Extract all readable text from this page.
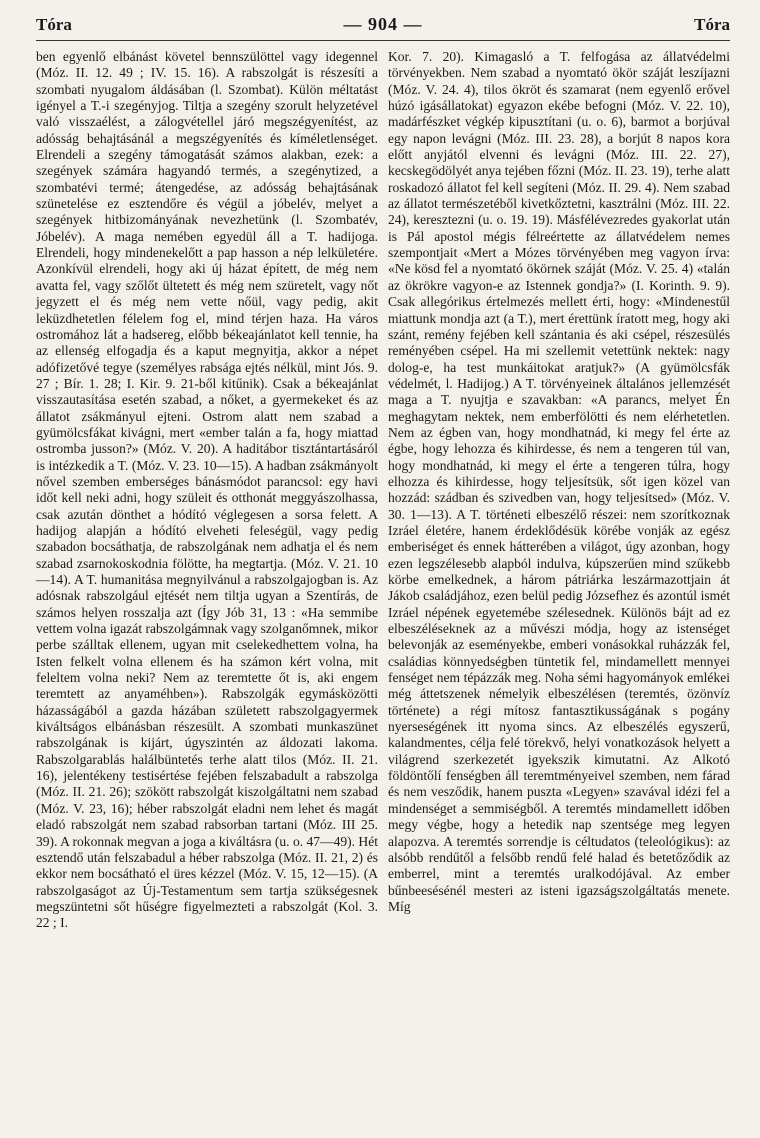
Tóra	— 904 —	Tóra

ben egyenlő elbánást követel bennszülöttel vagy idegennel (Móz. II. 12. 49 ; IV. 15. 16). A rabszolgát is részesíti a szombati nyugalom áldásában (l. Szombat). Külön méltatást igényel a T.-i szegényjog. Tiltja a szegény szorult helyzetével való visszaélést, a zálogvétellel járó megszégyenítést, az adósság behajtásánál a megszégyenítés és kíméletlenséget. Elrendeli a szegény támogatását számos alakban, ezek: a szegények számára hagyandó termés, a szegénytized, a szombatévi termé; átengedése, az adósság behajtásának szünetelése ez esztendőre és végül a jóbelév, melyet a szegények hitbizományának nevezhetünk (l. Szombatév, Jóbelév). A maga nemében egyedül áll a T. hadijoga. Elrendeli, hogy mindenekelőtt a pap hasson a nép lelkületére. Azonkívül elrendeli, hogy aki új házat épített, de még nem avatta fel, vagy szőlőt ültetett és még nem szüretelt, vagy nőt jegyzett el és még nem vette nőül, vagy pedig, akit leküzdhetetlen félelem fog el, mind térjen haza. Ha város ostromához lát a hadsereg, előbb békeajánlatot kell tennie, ha az ellenség elfogadja és a kaput megnyitja, akkor a népet adófizetővé tegye (személyes rabsága ejtés nélkül, mint Jós. 9. 27 ; Bír. 1. 28; I. Kir. 9. 21-ből kitűnik). Csak a békeajánlat visszautasítása esetén szabad, a nőket, a gyermekeket és az állatot zsákmányul ejteni. Ostrom alatt nem szabad a gyümölcsfákat kivágni, mert «ember talán a fa, hogy miattad ostromba jusson?» (Móz. V. 20). A haditábor tisztántartásáról is intézkedik a T. (Móz. V. 23. 10—15). A hadban zsákmányolt nővel szemben emberséges bánásmódot parancsol: egy havi időt kell neki adni, hogy szüleit és otthonát meggyászolhassa, csak azután dönthet a hódító véglegesen a sorsa felett. A hadijog alapján a hódító elveheti feleségül, vagy pedig szabadon bocsáthatja, de rabszolgának nem adhatja el és nem szabad zsarnokoskodnia fölötte, ha megtartja. (Móz. V. 21. 10—14). A T. humanitása megnyilvánul a rabszolgajogban is. Az adósnak rabszolgául ejtését nem tiltja ugyan a Szentírás, de számos helyen rosszalja azt (Így Jób 31, 13 : «Ha semmibe vettem volna igazát rabszolgámnak vagy szolganőmnek, mikor perbe szálltak ellenem, ugyan mit cselekedhettem volna, ha Isten felkelt volna ellenem és ha számon kért volna, mit feleltem volna neki? Nem az teremtette őt is, aki engem teremtett az anyaméhben»). Rabszolgák egymásközötti házasságából a gazda házában született rabszolgagyermek kiváltságos elbánásban részesült. A szombati munkaszünet rabszolgának is kijárt, úgyszintén az áldozati lakoma. Rabszolgarablás halálbüntetés terhe alatt tilos (Móz. II. 21. 16), jelentékeny testisértése fejében felszabadult a rabszolga (Móz. II. 21. 26); szökött rabszolgát kiszolgáltatni nem szabad (Móz. V. 23, 16); héber rabszolgát eladni nem lehet és magát eladó rabszolgát nem szabad rabsorban tartani (Móz. III 25. 39). A rokonnak megvan a joga a kiváltásra (u. o. 47—49). Hét esztendő után felszabadul a héber rabszolga (Móz. II. 21, 2) és ekkor nem bocsátható el üres kézzel (Móz. V. 15, 12—15). (A rabszolgaságot az Új-Testamentum sem tartja szükségesnek megszüntetni sőt hűségre figyelmezteti a rabszolgát (Kol. 3. 22 ; I.

Kor. 7. 20). Kimagasló a T. felfogása az állatvédelmi törvényekben. Nem szabad a nyomtató ökör száját leszíjazni (Móz. V. 24. 4), tilos ökröt és szamarat (nem egyenlő erővel húzó igásállatokat) egyazon ekébe befogni (Móz. V. 22. 10), madárfészket végkép kipusztítani (u. o. 6), barmot a borjúval egy napon levágni (Móz. III. 23. 28), a borjút 8 napos kora előtt anyjától elvenni és levágni (Móz. III. 22. 27), kecskegödölyét anya tejében főzni (Móz. II. 23. 19), terhe alatt roskadozó állatot fel kell segíteni (Móz. II. 29. 4). Nem szabad az állatot természetéből kivetkőztetni, kasztrálni (Móz. III. 22. 24), keresztezni (u. o. 19. 19). Másfélévezredes gyakorlat után is Pál apostol mégis félreértette az állatvédelem nemes szempontjait «Mert a Mózes törvényében meg vagyon írva: «Ne kösd fel a nyomtató ökörnek száját (Móz. V. 25. 4) «talán az ökrökre vagyon-e az Istennek gondja?» (I. Korinth. 9. 9). Csak allegórikus értelmezés mellett érti, hogy: «Mindenestűl miattunk mondja azt (a T.), mert érettünk íratott meg, hogy aki szánt, remény fejében kell szántania és aki csépel, részesülés reményében csépel. Ha mi szellemit vetettünk nektek: nagy dolog-e, ha test munkáitokat aratjuk?» (A gyümölcsfák védelmét, l. Hadijog.) A T. törvényeinek általános jellemzését maga a T. nyujtja e szavakban: «A parancs, melyet Én meghagytam nektek, nem emberfölötti és nem elérhetetlen. Nem az égben van, hogy mondhatnád, ki megy fel érte az égbe, hogy lehozza és kihirdesse, és nem a tengeren túl van, hogy mondhatnád, ki megy el érte a tengeren túlra, hogy elhozza és kihirdesse, hogy teljesítsük, sőt igen közel van hozzád: szádban és szivedben van, hogy teljesítsed» (Móz. V. 30. 1—13). A T. történeti elbeszélő részei: nem szorítkoznak Izráel életére, hanem érdeklődésük körébe vonják az egész emberiséget és ennek hátterében a világot, úgy azonban, hogy ezen legszélesebb alapból indulva, kúpszerűen mind szűkebb körbe emelkednek, a három pátriárka leszármazottjain át Jákob családjához, ezen belül pedig Józsefhez és azontúl ismét Izráel népének egyetemébe szélesednek. Különös bájt ad ez elbeszéléseknek az a művészi módja, hogy az istenséget belevonják az eseményekbe, emberi vonásokkal ruházzák fel, családias könnyedségben tüntetik fel, mindamellett mennyei fenséget nem tépázzák meg. Noha sémi hagyományok emlékei még áttetszenek némelyik elbeszélésen (teremtés, özönvíz története) a régi mítosz fantasztikusságának s pogány nyerseségének itt nyoma sincs. Az elbeszélés egyszerű, kalandmentes, célja felé törekvő, helyi vonatkozások helyett a világrend szerkezetét igyekszik kimutatni. Az Alkotó földöntőlí fenségben áll teremtményeivel szemben, nem fárad és nem vesződik, hanem puszta «Legyen» szavával idézi fel a mindenséget a semmiségből. A teremtés mindamellett időben megy végbe, hogy a hetedik nap szentsége meg legyen alapozva. A teremtés sorrendje is céltudatos (teleológikus): az alsóbb rendűtől a felsőbb rendű felé halad és betetőződik az emberrel, mint a teremtés uralkodójával. Az ember bűnbeesésénél mesteri az isteni igazságszolgáltatás menete. Míg
